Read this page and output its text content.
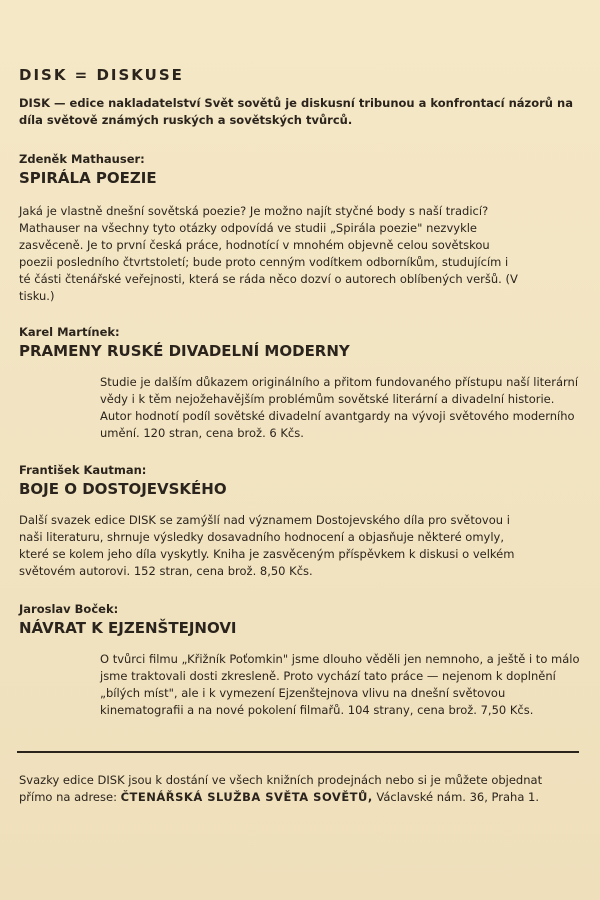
DISK = DISKUSE
DISK — edice nakladatelství Svět sovětů je diskusní tribunou a konfrontací názorů na díla světově známých ruských a sovětských tvůrců.
Zdeněk Mathauser:
SPIRÁLA POEZIE
Jaká je vlastně dnešní sovětská poezie? Je možno najít styčné body s naší tradicí? Mathauser na všechny tyto otázky odpovídá ve studii „Spirála poezie" nezvykle zasvěceně. Je to první česká práce, hodnotící v mnohém objevně celou sovětskou poezii posledního čtvrtstoletí; bude proto cenným vodítkem odborníkům, studujícím i té části čtenářské veřejnosti, která se ráda něco dozví o autorech oblíbených veršů. (V tisku.)
Karel Martínek:
PRAMENY RUSKÉ DIVADELNÍ MODERNY
Studie je dalším důkazem originálního a přitom fundovaného přístupu naší literární vědy i k těm nejožehavějším problémům sovětské literární a divadelní historie. Autor hodnotí podíl sovětské divadelní avantgardy na vývoji světového moderního umění. 120 stran, cena brož. 6 Kčs.
František Kautman:
BOJE O DOSTOJEVSKÉHO
Další svazek edice DISK se zamýšlí nad významem Dostojevského díla pro světovou i naši literaturu, shrnuje výsledky dosavadního hodnocení a objasňuje některé omyly, které se kolem jeho díla vyskytly. Kniha je zasvěceným příspěvkem k diskusi o velkém světovém autorovi. 152 stran, cena brož. 8,50 Kčs.
Jaroslav Boček:
NÁVRAT K EJZENŠTEJNOVI
O tvůrci filmu „Křižník Poťomkin" jsme dlouho věděli jen nemnoho, a ještě i to málo jsme traktovali dosti zkresleně. Proto vychází tato práce — nejenom k doplnění „bílých míst", ale i k vymezení Ejzenštejnova vlivu na dnešní světovou kinematografii a na nové pokolení filmařů. 104 strany, cena brož. 7,50 Kčs.
Svazky edice DISK jsou k dostání ve všech knižních prodejnách nebo si je můžete objednat přímo na adrese: ČTENÁŘSKÁ SLUŽBA SVĚTA SOVĚTŮ, Václavské nám. 36, Praha 1.
